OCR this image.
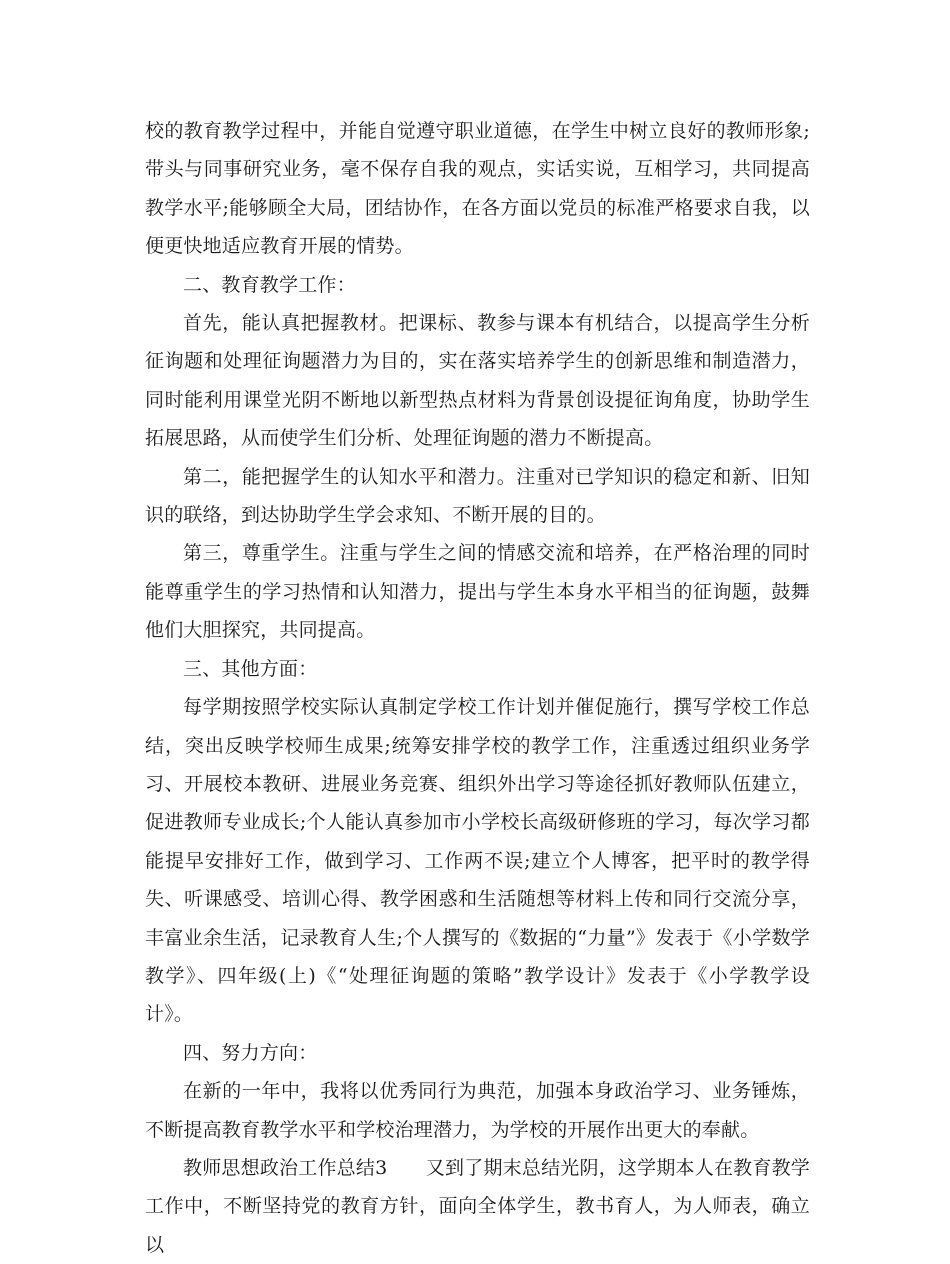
校的教育教学过程中，并能自觉遵守职业道德，在学生中树立良好的教师形象;带头与同事研究业务，毫不保存自我的观点，实话实说，互相学习，共同提高教学水平;能够顾全大局，团结协作，在各方面以党员的标准严格要求自我，以便更快地适应教育开展的情势。

二、教育教学工作：

首先，能认真把握教材。把课标、教参与课本有机结合，以提高学生分析征询题和处理征询题潜力为目的，实在落实培养学生的创新思维和制造潜力，同时能利用课堂光阴不断地以新型热点材料为背景创设提征询角度，协助学生拓展思路，从而使学生们分析、处理征询题的潜力不断提高。

第二，能把握学生的认知水平和潜力。注重对已学知识的稳定和新、旧知识的联络，到达协助学生学会求知、不断开展的目的。

第三，尊重学生。注重与学生之间的情感交流和培养，在严格治理的同时能尊重学生的学习热情和认知潜力，提出与学生本身水平相当的征询题，鼓舞他们大胆探究，共同提高。

三、其他方面：

每学期按照学校实际认真制定学校工作计划并催促施行，撰写学校工作总结，突出反映学校师生成果;统筹安排学校的教学工作，注重透过组织业务学习、开展校本教研、进展业务竞赛、组织外出学习等途径抓好教师队伍建立，促进教师专业成长;个人能认真参加市小学校长高级研修班的学习，每次学习都能提早安排好工作，做到学习、工作两不误;建立个人博客，把平时的教学得失、听课感受、培训心得、教学困惑和生活随想等材料上传和同行交流分享，丰富业余生活，记录教育人生;个人撰写的《数据的“力量”》发表于《小学数学教学》、四年级(上)《“处理征询题的策略”教学设计》发表于《小学教学设计》。

四、努力方向：

在新的一年中，我将以优秀同行为典范，加强本身政治学习、业务锤炼，不断提高教育教学水平和学校治理潜力，为学校的开展作出更大的奉献。

教师思想政治工作总结3　　又到了期末总结光阴，这学期本人在教育教学工作中，不断坚持党的教育方针，面向全体学生，教书育人，为人师表，确立以
